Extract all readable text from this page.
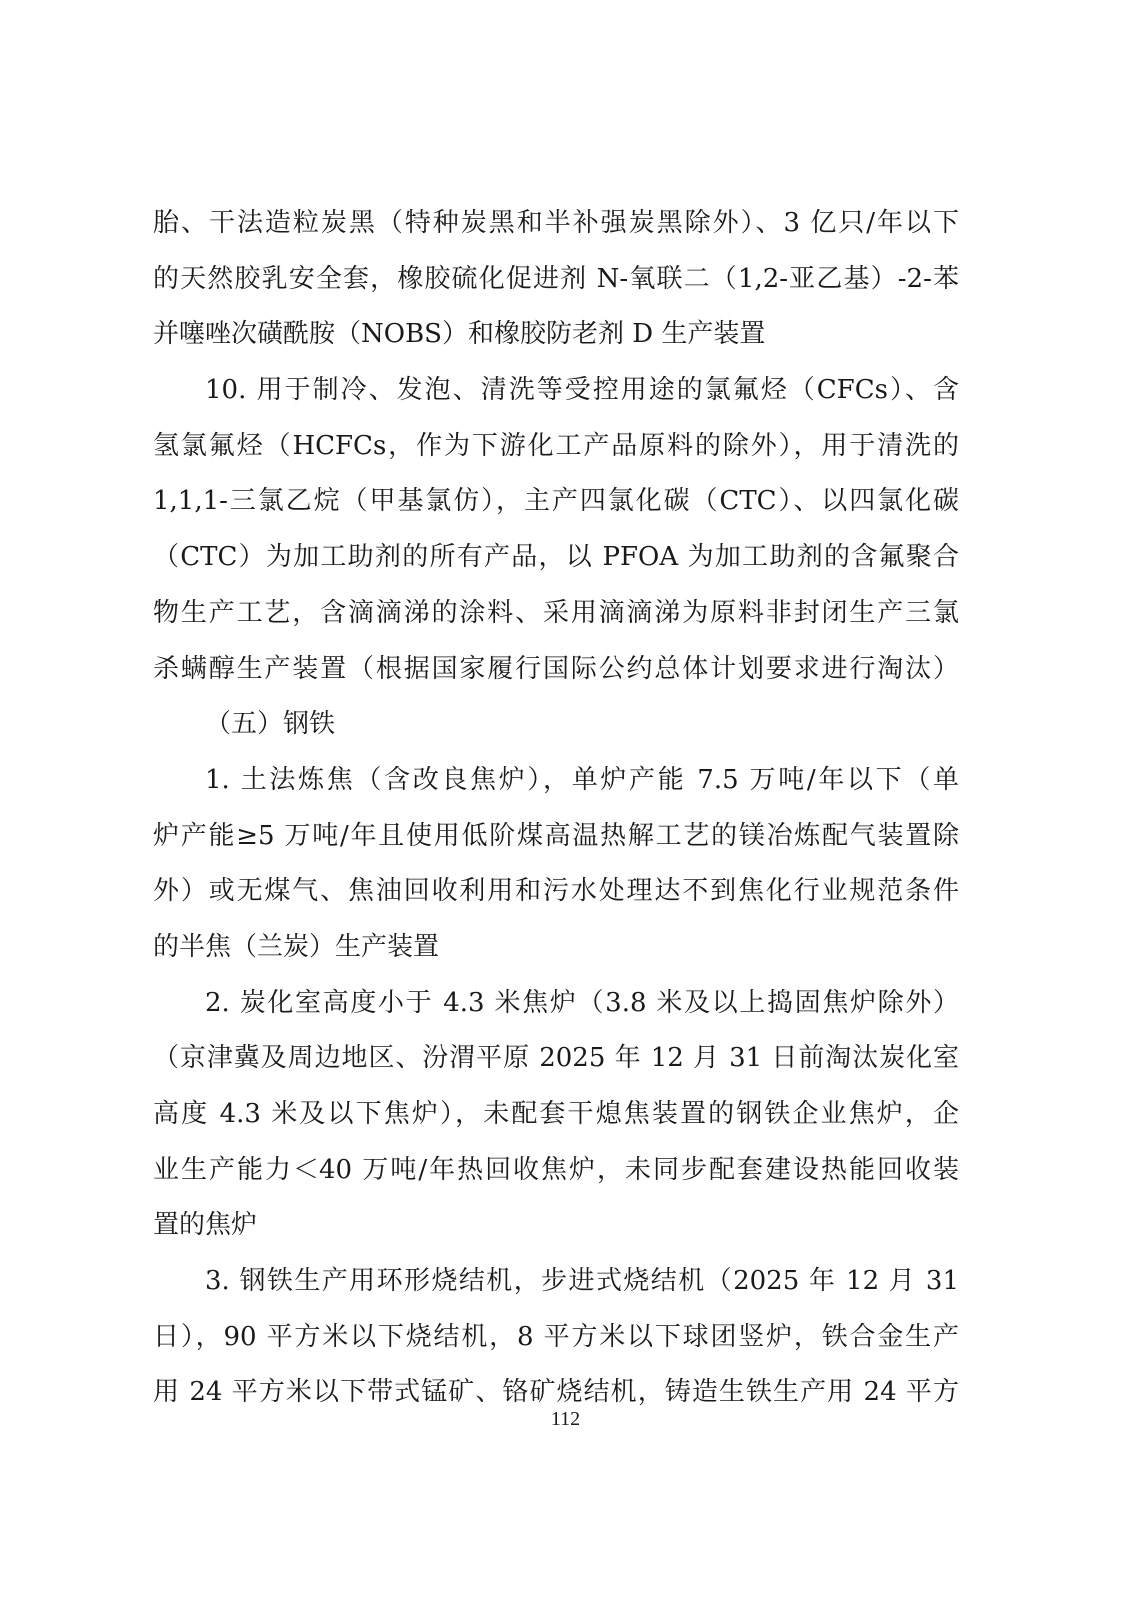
胎、干法造粒炭黑（特种炭黑和半补强炭黑除外）、3 亿只/年以下
的天然胶乳安全套，橡胶硫化促进剂 N-氧联二（1,2-亚乙基）-2-苯
并噻唑次磺酰胺（NOBS）和橡胶防老剂 D 生产装置
10. 用于制冷、发泡、清洗等受控用途的氯氟烃（CFCs）、含
氢氯氟烃（HCFCs，作为下游化工产品原料的除外），用于清洗的
1,1,1-三氯乙烷（甲基氯仿），主产四氯化碳（CTC）、以四氯化碳
（CTC）为加工助剂的所有产品，以 PFOA 为加工助剂的含氟聚合
物生产工艺，含滴滴涕的涂料、采用滴滴涕为原料非封闭生产三氯
杀螨醇生产装置（根据国家履行国际公约总体计划要求进行淘汰）
（五）钢铁
1. 土法炼焦（含改良焦炉），单炉产能 7.5 万吨/年以下（单
炉产能≥5 万吨/年且使用低阶煤高温热解工艺的镁冶炼配气装置除
外）或无煤气、焦油回收利用和污水处理达不到焦化行业规范条件
的半焦（兰炭）生产装置
2. 炭化室高度小于 4.3 米焦炉（3.8 米及以上捣固焦炉除外）
（京津冀及周边地区、汾渭平原 2025 年 12 月 31 日前淘汰炭化室
高度 4.3 米及以下焦炉），未配套干熄焦装置的钢铁企业焦炉，企
业生产能力＜40 万吨/年热回收焦炉，未同步配套建设热能回收装
置的焦炉
3. 钢铁生产用环形烧结机，步进式烧结机（2025 年 12 月 31
日），90 平方米以下烧结机，8 平方米以下球团竖炉，铁合金生产
用 24 平方米以下带式锰矿、铬矿烧结机，铸造生铁生产用 24 平方
112
